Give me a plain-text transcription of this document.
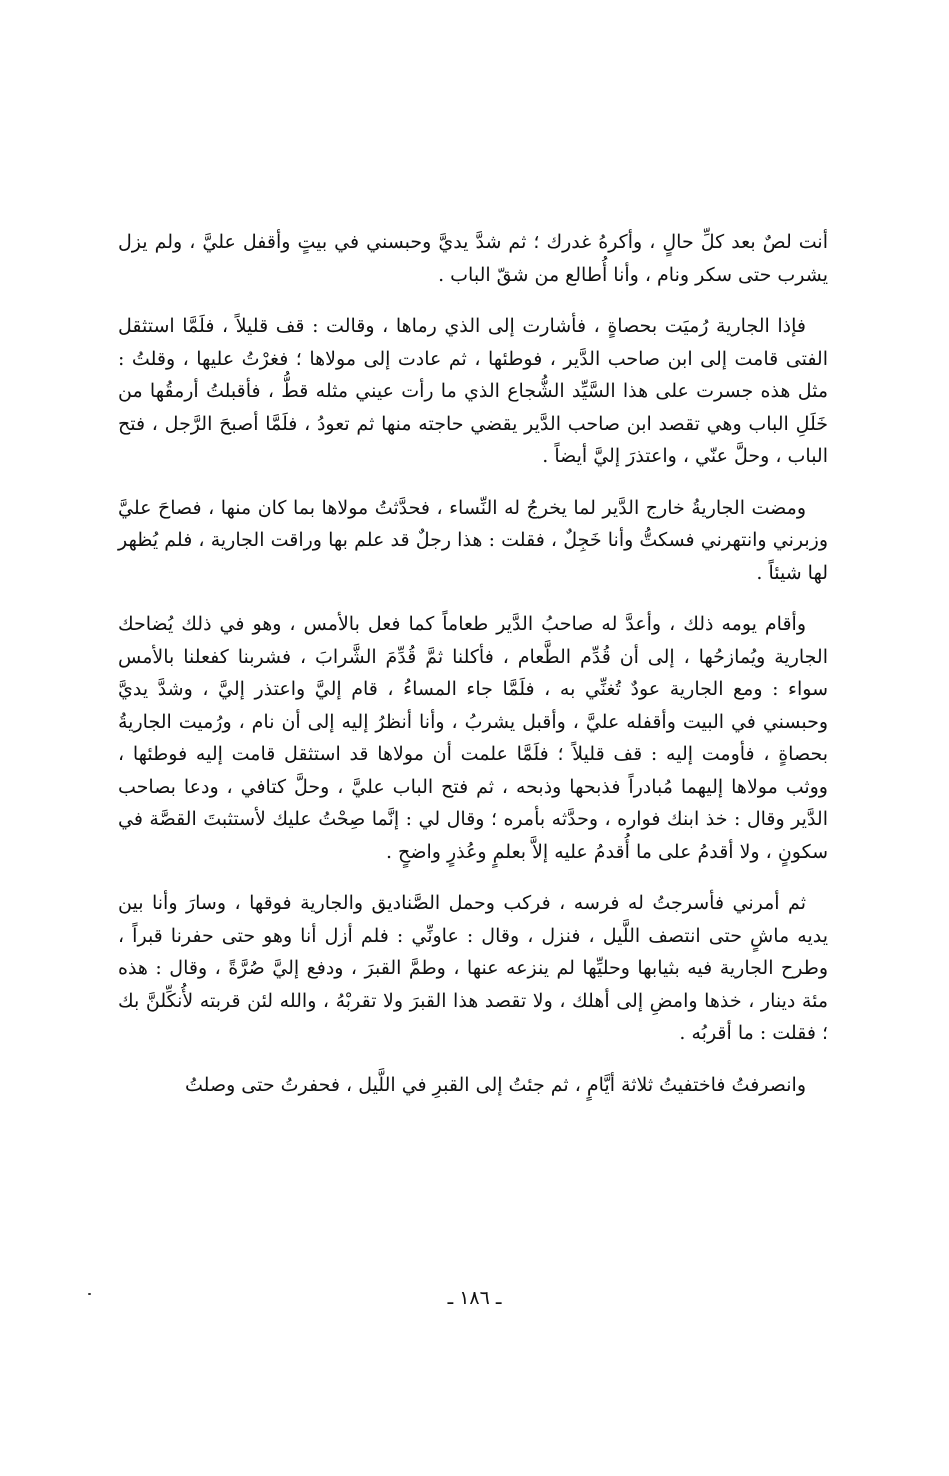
أنت لصٌ بعد كلِّ حالٍ ، وأكرهُ غدرك ؛ ثم شدَّ يديَّ وحبسني في بيتٍ وأقفل عليَّ ، ولم يزل يشرب حتى سكر ونام ، وأنا أُطالع من شقّ الباب .

فإذا الجارية رُميَت بحصاةٍ ، فأشارت إلى الذي رماها ، وقالت : قف قليلاً ، فلَمَّا استثقل الفتى قامت إلى ابن صاحب الدَّير ، فوطئها ، ثم عادت إلى مولاها ؛ فغرْتُ عليها ، وقلتُ : مثل هذه جسرت على هذا السَّيِّد الشُّجاع الذي ما رأت عيني مثله قطُّ ، فأقبلتُ أرمقُها من خَلَلِ الباب وهي تقصد ابن صاحب الدَّير يقضي حاجته منها ثم تعودُ ، فلَمَّا أصبحَ الرَّجل ، فتح الباب ، وحلَّ عنّي ، واعتذرَ إليَّ أيضاً .

ومضت الجاريةُ خارج الدَّير لما يخرجُ له النِّساء ، فحدَّثتُ مولاها بما كان منها ، فصاحَ عليَّ وزبرني وانتهرني فسكتُّ وأنا خَجِلٌ ، فقلت : هذا رجلٌ قد علم بها وراقت الجارية ، فلم يُظهر لها شيئاً .

وأقام يومه ذلك ، وأعدَّ له صاحبُ الدَّير طعاماً كما فعل بالأمس ، وهو في ذلك يُضاحك الجارية ويُمازحُها ، إلى أن قُدِّم الطَّعام ، فأكلنا ثمَّ قُدِّمَ الشَّرابَ ، فشربنا كفعلنا بالأمس سواء : ومع الجارية عودٌ تُغنِّي به ، فلَمَّا جاء المساءُ ، قام إليَّ واعتذر إليَّ ، وشدَّ يديَّ وحبسني في البيت وأقفله عليَّ ، وأقبل يشربُ ، وأنا أنظرُ إليه إلى أن نام ، ورُميت الجاريةُ بحصاةٍ ، فأومت إليه : قف قليلاً ؛ فلَمَّا علمت أن مولاها قد استثقل قامت إليه فوطئها ، ووثب مولاها إليهما مُبادراً فذبحها وذبحه ، ثم فتح الباب عليَّ ، وحلَّ كتافي ، ودعا بصاحب الدَّير وقال : خذ ابنك فواره ، وحدَّثه بأمره ؛ وقال لي : إنَّما صِحْتُ عليك لأستثبتَ القصَّة في سكونٍ ، ولا أقدمُ على ما أُقدمُ عليه إلاَّ بعلمٍ وعُذرٍ واضحٍ .

ثم أمرني فأسرجتُ له فرسه ، فركب وحمل الصَّناديق والجارية فوقها ، وسارَ وأنا بين يديه ماشٍ حتى انتصف اللَّيل ، فنزل ، وقال : عاونِّي : فلم أزل أنا وهو حتى حفرنا قبراً ، وطرح الجارية فيه بثيابها وحليِّها لم ينزعه عنها ، وطمَّ القبرَ ، ودفع إليَّ صُرَّةً ، وقال : هذه مئة دينار ، خذها وامضِ إلى أهلك ، ولا تقصد هذا القبرَ ولا تقربْهُ ، والله لئن قربته لأُنكِّلنَّ بك ؛ فقلت : ما أقربُه .

وانصرفتُ فاختفيتُ ثلاثة أيَّامٍ ، ثم جئتُ إلى القبرِ في اللَّيل ، فحفرتُ حتى وصلتُ

ـ ١٨٦ ـ
